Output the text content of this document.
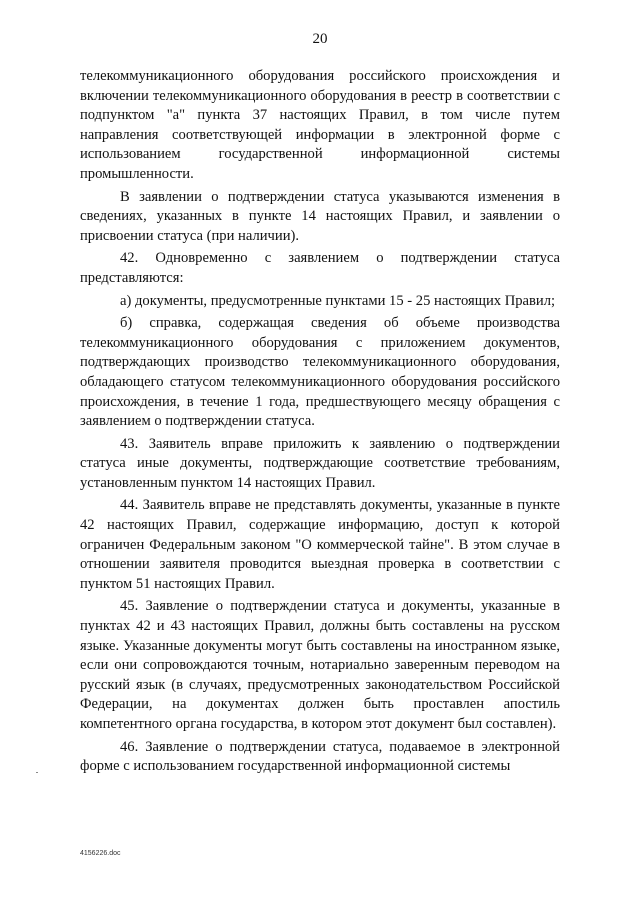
20

телекоммуникационного оборудования российского происхождения и включении телекоммуникационного оборудования в реестр в соответствии с подпунктом "а" пункта 37 настоящих Правил, в том числе путем направления соответствующей информации в электронной форме с использованием государственной информационной системы промышленности.

В заявлении о подтверждении статуса указываются изменения в сведениях, указанных в пункте 14 настоящих Правил, и заявлении о присвоении статуса (при наличии).

42. Одновременно с заявлением о подтверждении статуса представляются:

а) документы, предусмотренные пунктами 15 - 25 настоящих Правил;

б) справка, содержащая сведения об объеме производства телекоммуникационного оборудования с приложением документов, подтверждающих производство телекоммуникационного оборудования, обладающего статусом телекоммуникационного оборудования российского происхождения, в течение 1 года, предшествующего месяцу обращения с заявлением о подтверждении статуса.

43. Заявитель вправе приложить к заявлению о подтверждении статуса иные документы, подтверждающие соответствие требованиям, установленным пунктом 14 настоящих Правил.

44. Заявитель вправе не представлять документы, указанные в пункте 42 настоящих Правил, содержащие информацию, доступ к которой ограничен Федеральным законом "О коммерческой тайне". В этом случае в отношении заявителя проводится выездная проверка в соответствии с пунктом 51 настоящих Правил.

45. Заявление о подтверждении статуса и документы, указанные в пунктах 42 и 43 настоящих Правил, должны быть составлены на русском языке. Указанные документы могут быть составлены на иностранном языке, если они сопровождаются точным, нотариально заверенным переводом на русский язык (в случаях, предусмотренных законодательством Российской Федерации, на документах должен быть проставлен апостиль компетентного органа государства, в котором этот документ был составлен).

46. Заявление о подтверждении статуса, подаваемое в электронной форме с использованием государственной информационной системы

4156226.doc
